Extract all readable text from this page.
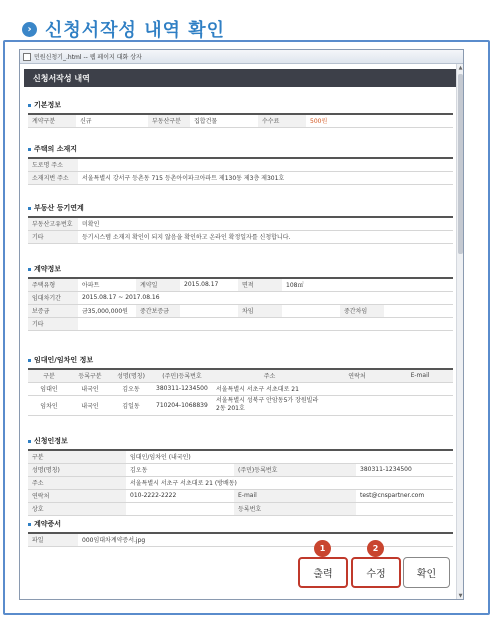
› 신청서작성 내역 확인
민원신청기_.html -- 웹 페이지 대화 상자
신청서작성 내역
기본정보
계약구분	신규	부동산구분	집합건물	수수료	500원
주택의 소재지
도로명 주소	
소재지번 주소	서울특별시 강서구 등촌동 715 등촌아이파크아파트 제130동 제3층 제301호
부동산 등기연계
부동산고유번호	미확인
기타	등기시스템 소재지 확인이 되지 않음을 확인하고 온라인 확정일자를 신청합니다.
계약정보
주택유형	아파트	계약일	2015.08.17	면적	108㎡		
임대차기간	2015.08.17 ~ 2017.08.16						
보증금	금35,000,000원	중간보증금		차임		중간차임	
기타							
임대인/임차인 정보
구분	등록구분	성명(명칭)	(주민)등록번호	주소	연락처	E-mail
임대인	내국인	김오동	380311-1234500	서울특별시 서초구 서초대로 21		
임차인	내국인	김일동	710204-1068839	서울특별시 성북구 안암동5가 장원빌라 2동 201호		
신청인정보
구분	임대인/임차인 (내국인)		
성명(명칭)	김오동	(주민)등록번호	380311-1234500
주소	서울특별시 서초구 서초대로 21 (방배동)		
연락처	010-2222-2222	E-mail	test@cnspartner.com
상호		등록번호	
계약증서
파일	000임대차계약증서.jpg
▲
▼
출력	수정	확인
1	2
